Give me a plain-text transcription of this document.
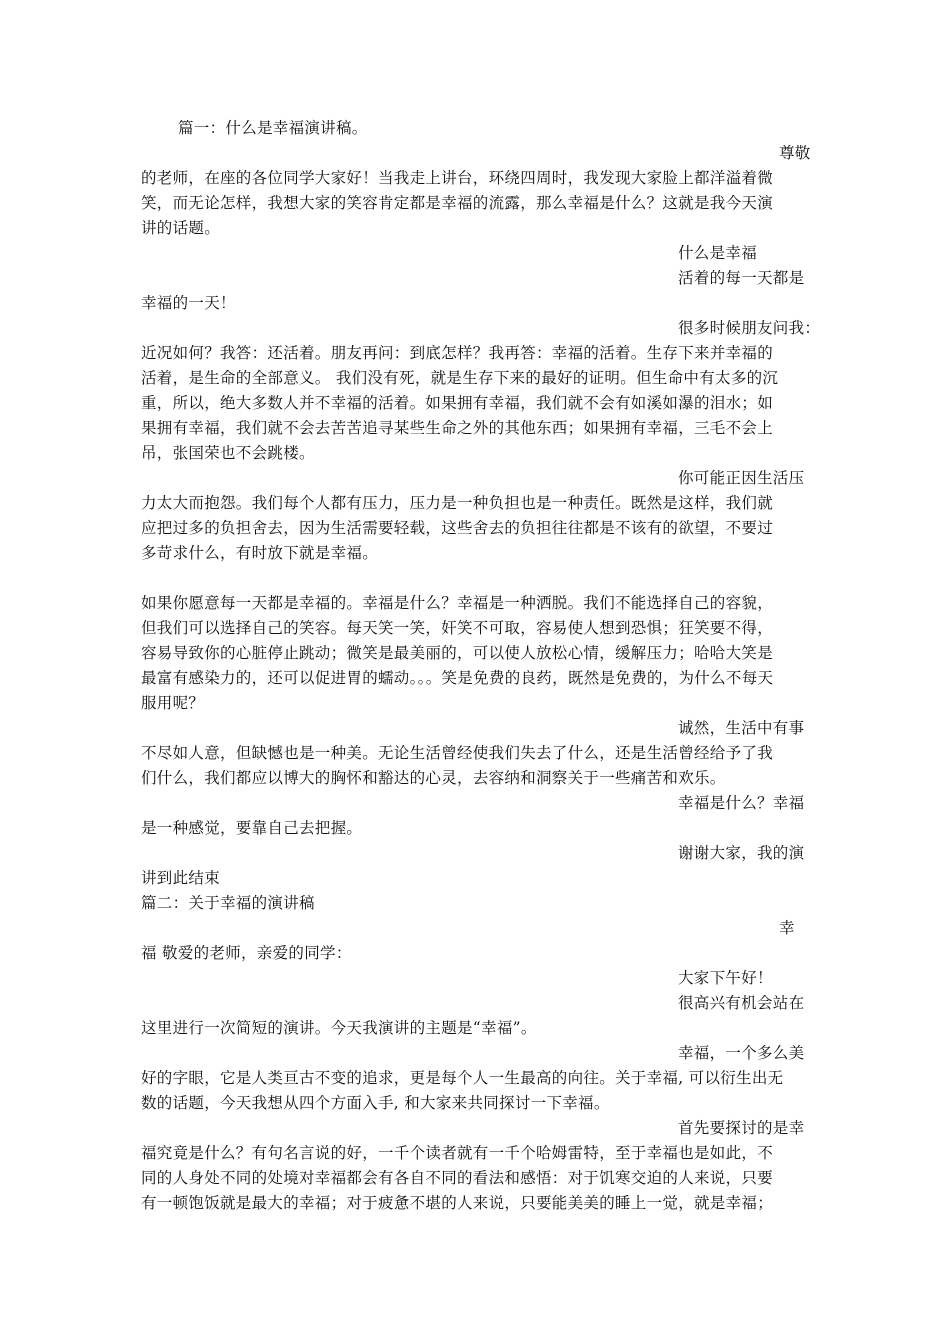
篇一：什么是幸福演讲稿。
尊敬
的老师，在座的各位同学大家好！当我走上讲台，环绕四周时，我发现大家脸上都洋溢着微
笑，而无论怎样，我想大家的笑容肯定都是幸福的流露，那么幸福是什么？这就是我今天演
讲的话题。
什么是幸福
活着的每一天都是
幸福的一天！
很多时候朋友问我：
近况如何？我答：还活着。朋友再问：到底怎样？我再答：幸福的活着。生存下来并幸福的
活着，是生命的全部意义。 我们没有死，就是生存下来的最好的证明。但生命中有太多的沉
重，所以，绝大多数人并不幸福的活着。如果拥有幸福，我们就不会有如溪如瀑的泪水；如
果拥有幸福，我们就不会去苦苦追寻某些生命之外的其他东西；如果拥有幸福，三毛不会上
吊，张国荣也不会跳楼。
你可能正因生活压
力太大而抱怨。我们每个人都有压力，压力是一种负担也是一种责任。既然是这样，我们就
应把过多的负担舍去，因为生活需要轻载，这些舍去的负担往往都是不该有的欲望，不要过
多苛求什么，有时放下就是幸福。
如果你愿意每一天都是幸福的。幸福是什么？幸福是一种洒脱。我们不能选择自己的容貌，
但我们可以选择自己的笑容。每天笑一笑，奸笑不可取，容易使人想到恐惧；狂笑要不得，
容易导致你的心脏停止跳动；微笑是最美丽的，可以使人放松心情，缓解压力；哈哈大笑是
最富有感染力的，还可以促进胃的蠕动。。。笑是免费的良药，既然是免费的，为什么不每天
服用呢？
诚然，生活中有事
不尽如人意，但缺憾也是一种美。无论生活曾经使我们失去了什么，还是生活曾经给予了我
们什么，我们都应以博大的胸怀和豁达的心灵，去容纳和洞察关于一些痛苦和欢乐。
幸福是什么？幸福
是一种感觉，要靠自己去把握。
谢谢大家，我的演
讲到此结束
篇二：关于幸福的演讲稿
幸
福 敬爱的老师，亲爱的同学：
大家下午好！
很高兴有机会站在
这里进行一次简短的演讲。今天我演讲的主题是“幸福”。
幸福，一个多么美
好的字眼，它是人类亘古不变的追求，更是每个人一生最高的向往。关于幸福, 可以衍生出无
数的话题，今天我想从四个方面入手, 和大家来共同探讨一下幸福。
首先要探讨的是幸
福究竟是什么？有句名言说的好，一千个读者就有一千个哈姆雷特，至于幸福也是如此，不
同的人身处不同的处境对幸福都会有各自不同的看法和感悟：对于饥寒交迫的人来说，只要
有一顿饱饭就是最大的幸福；对于疲惫不堪的人来说，只要能美美的睡上一觉，就是幸福；
